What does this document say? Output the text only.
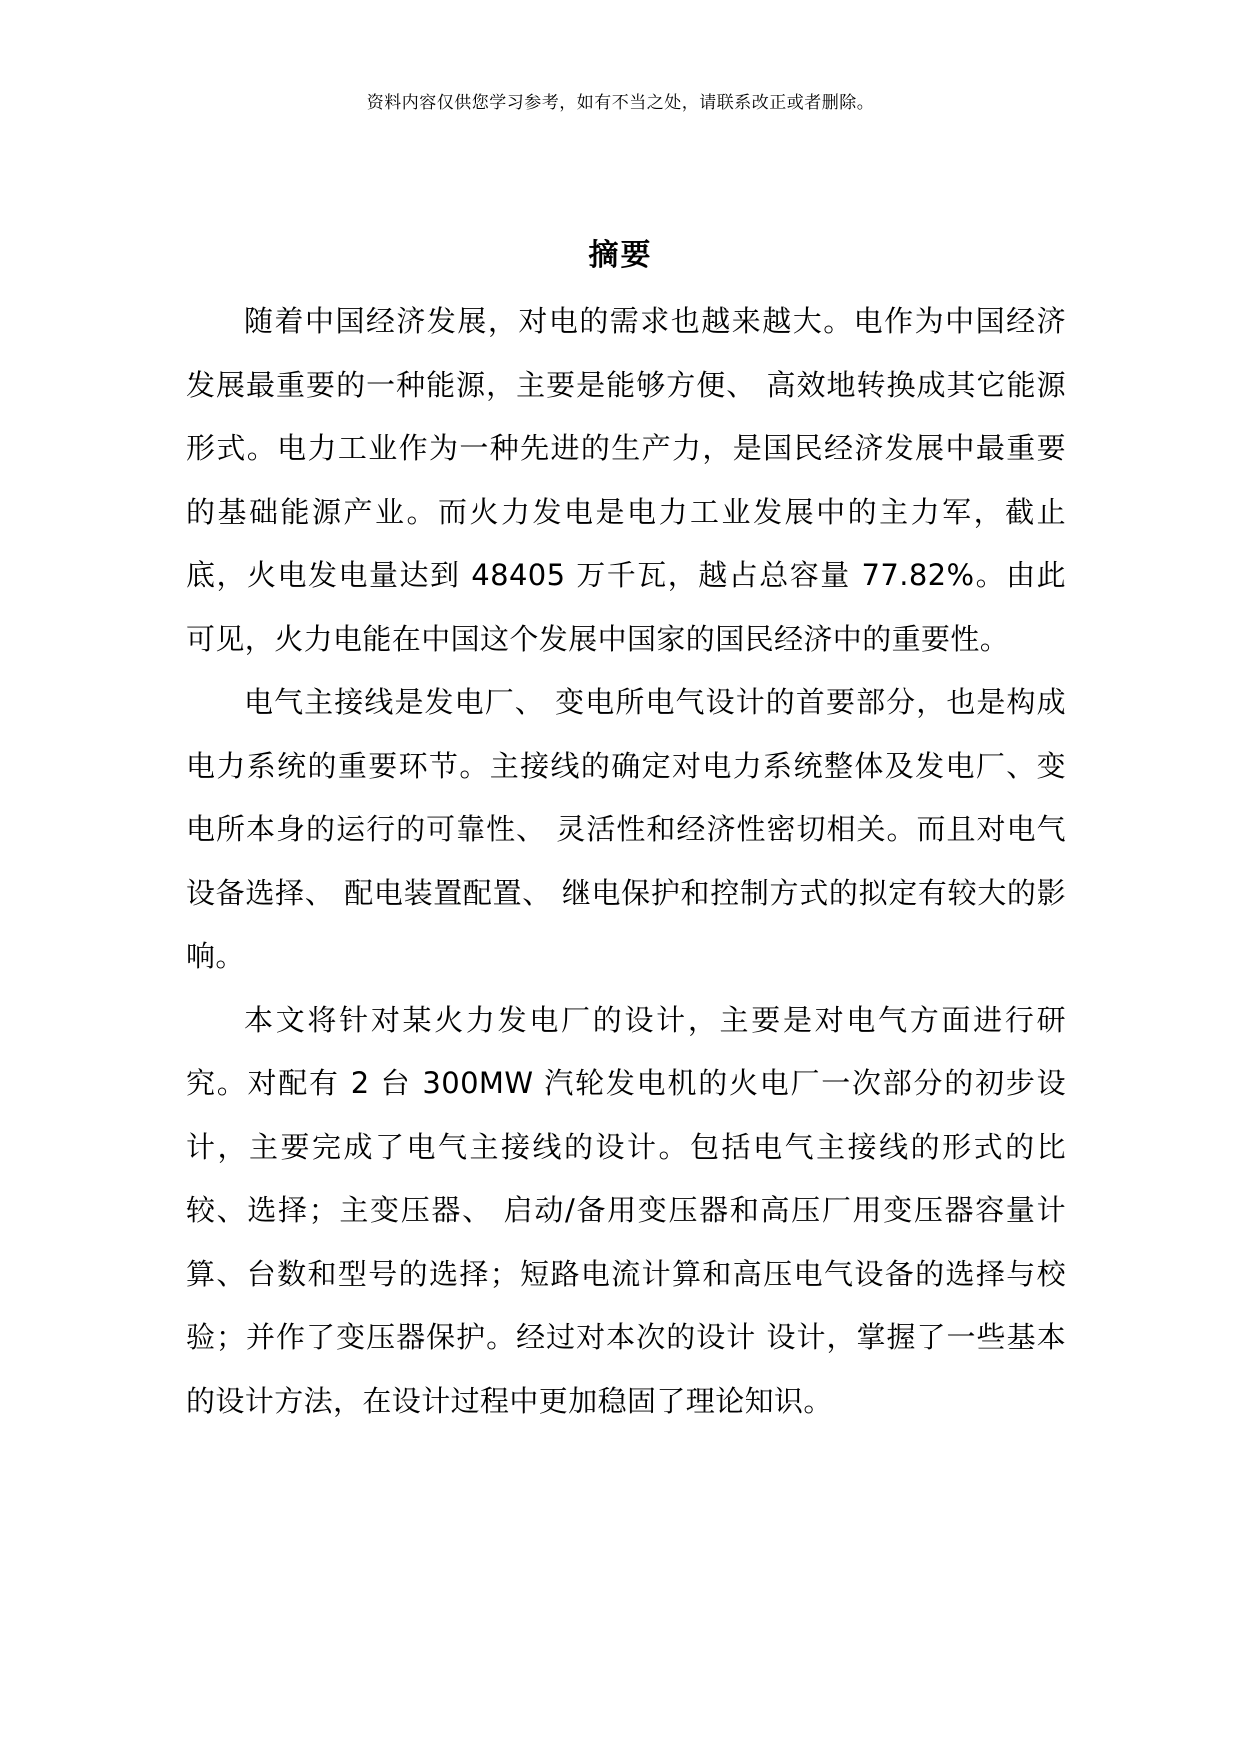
资料内容仅供您学习参考，如有不当之处，请联系改正或者删除。
摘要

随着中国经济发展，对电的需求也越来越大。电作为中国经济发展最重要的一种能源，主要是能够方便、 高效地转换成其它能源形式。电力工业作为一种先进的生产力，是国民经济发展中最重要的基础能源产业。而火力发电是电力工业发展中的主力军，截止底，火电发电量达到 48405 万千瓦，越占总容量 77.82%。由此可见，火力电能在中国这个发展中国家的国民经济中的重要性。

电气主接线是发电厂、 变电所电气设计的首要部分，也是构成电力系统的重要环节。主接线的确定对电力系统整体及发电厂、变电所本身的运行的可靠性、 灵活性和经济性密切相关。而且对电气设备选择、 配电装置配置、 继电保护和控制方式的拟定有较大的影响。

本文将针对某火力发电厂的设计，主要是对电气方面进行研究。对配有 2 台 300MW 汽轮发电机的火电厂一次部分的初步设计，主要完成了电气主接线的设计。包括电气主接线的形式的比较、选择；主变压器、 启动/备用变压器和高压厂用变压器容量计算、台数和型号的选择；短路电流计算和高压电气设备的选择与校验；并作了变压器保护。经过对本次的设计 设计，掌握了一些基本的设计方法，在设计过程中更加稳固了理论知识。
